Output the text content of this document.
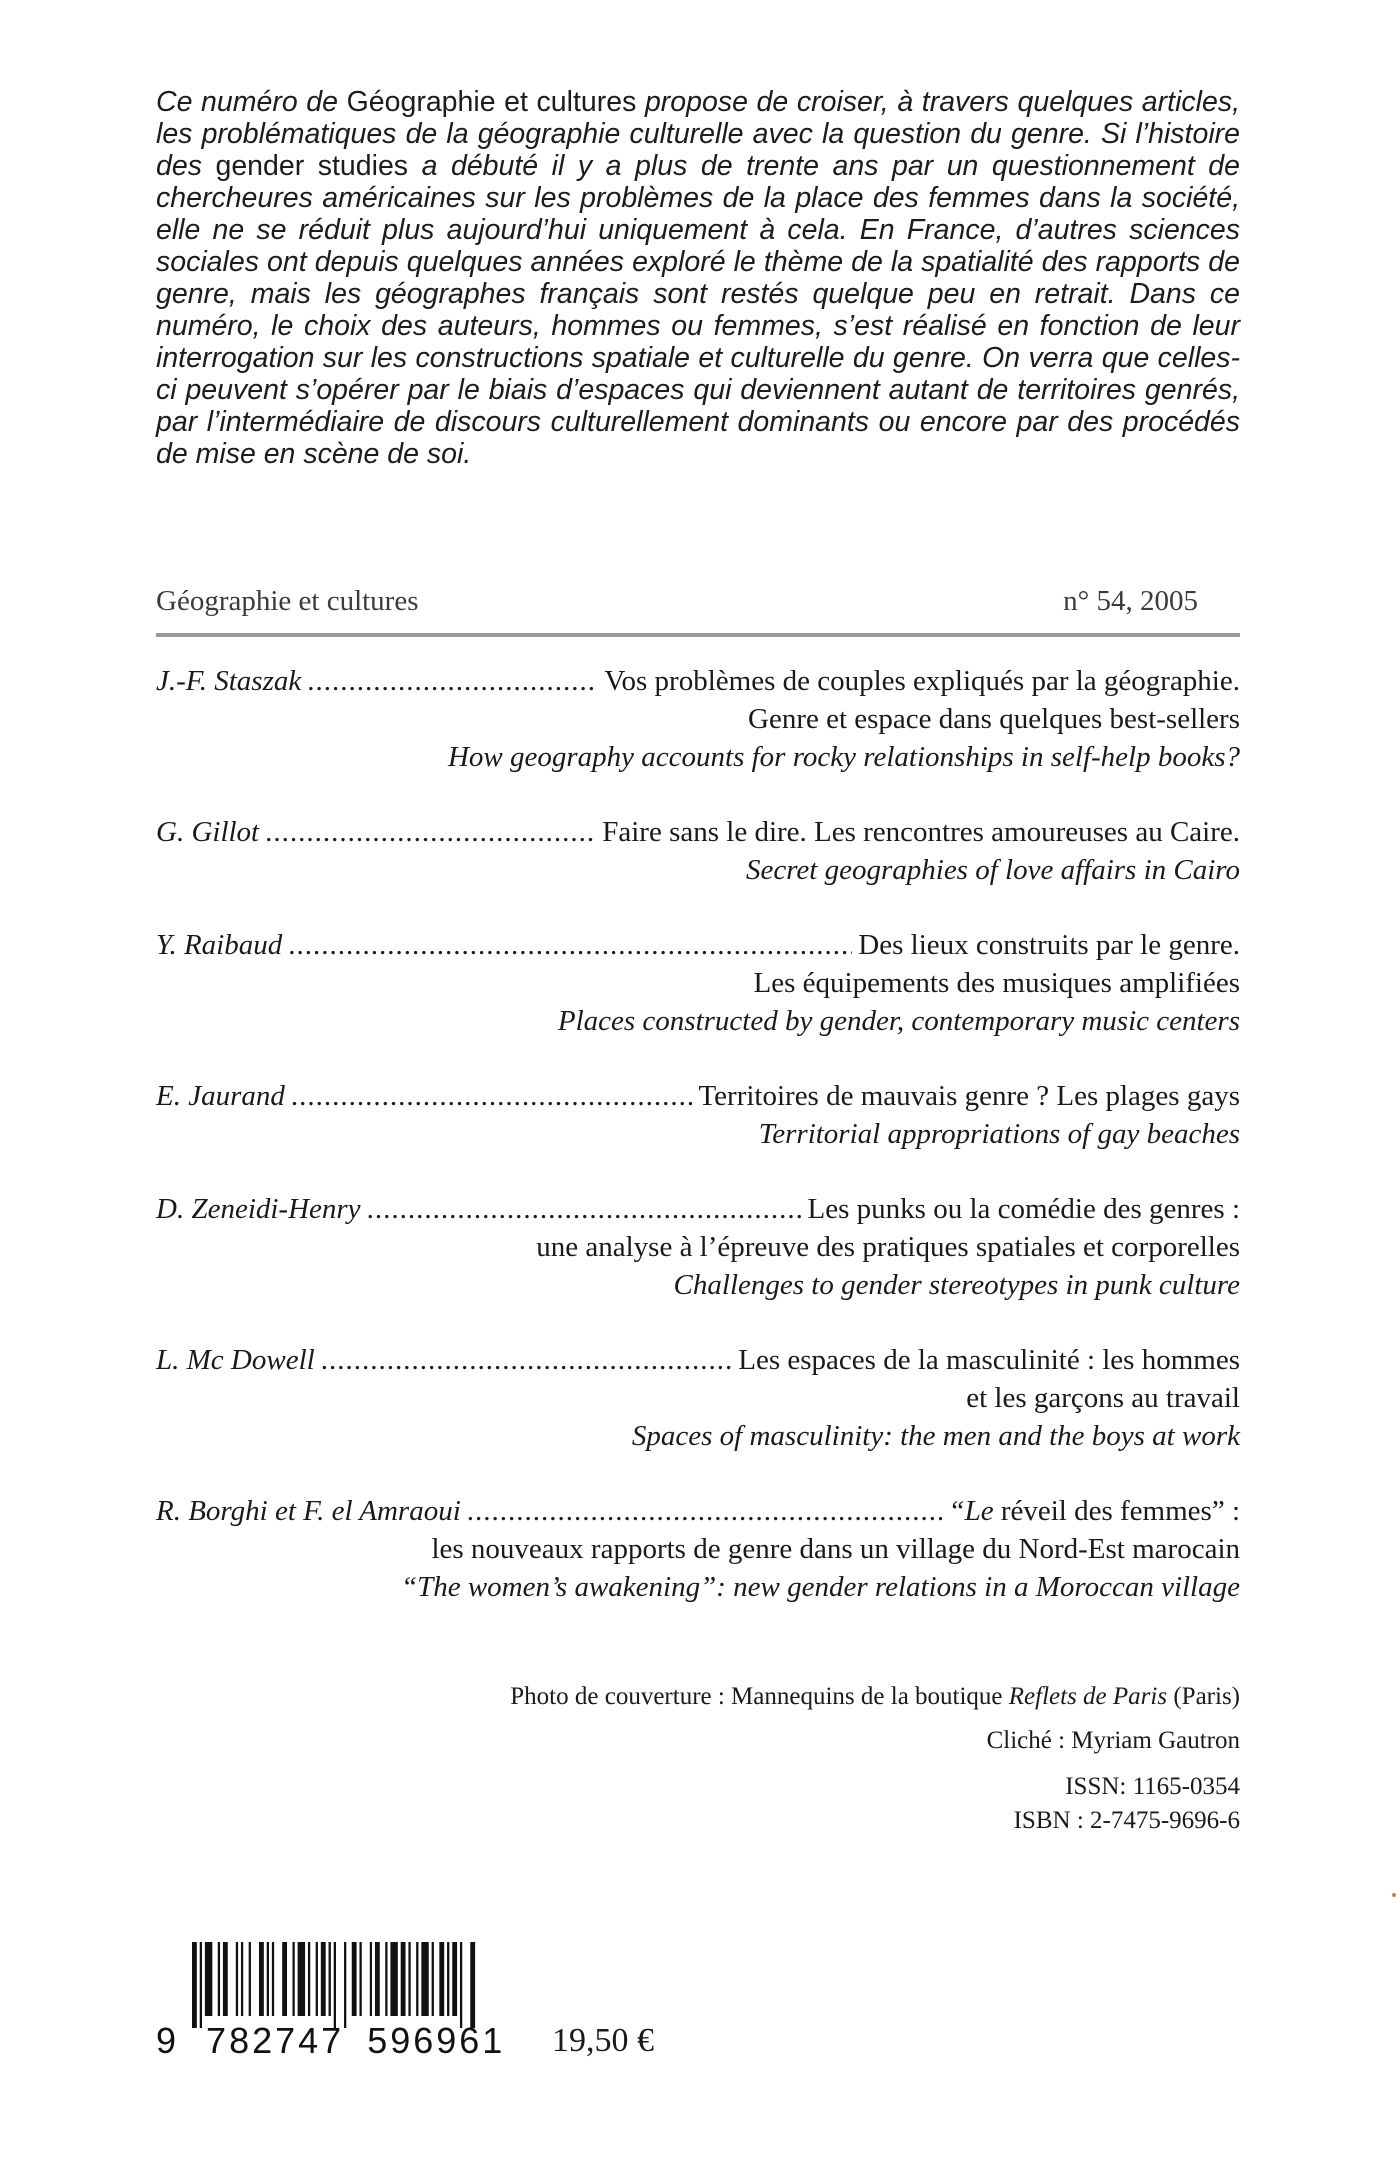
Ce numéro de Géographie et cultures propose de croiser, à travers quelques articles, les problématiques de la géographie culturelle avec la question du genre. Si l’histoire des gender studies a débuté il y a plus de trente ans par un questionnement de chercheures américaines sur les problèmes de la place des femmes dans la société, elle ne se réduit plus aujourd’hui uniquement à cela. En France, d’autres sciences sociales ont depuis quelques années exploré le thème de la spatialité des rapports de genre, mais les géographes français sont restés quelque peu en retrait. Dans ce numéro, le choix des auteurs, hommes ou femmes, s’est réalisé en fonction de leur interrogation sur les constructions spatiale et culturelle du genre. On verra que celles-ci peuvent s’opérer par le biais d’espaces qui deviennent autant de territoires genrés, par l’intermédiaire de discours culturellement dominants ou encore par des procédés de mise en scène de soi.
Géographie et cultures	n° 54, 2005
J.-F. Staszak .....	Vos problèmes de couples expliqués par la géographie.
Genre et espace dans quelques best-sellers
How geography accounts for rocky relationships in self-help books?
G. Gillot .....	Faire sans le dire. Les rencontres amoureuses au Caire.
Secret geographies of love affairs in Cairo
Y. Raibaud .....	Des lieux construits par le genre.
Les équipements des musiques amplifiées
Places constructed by gender, contemporary music centers
E. Jaurand .....	Territoires de mauvais genre ? Les plages gays
Territorial appropriations of gay beaches
D. Zeneidi-Henry .....	Les punks ou la comédie des genres :
une analyse à l’épreuve des pratiques spatiales et corporelles
Challenges to gender stereotypes in punk culture
L. Mc Dowell .....	Les espaces de la masculinité : les hommes
et les garçons au travail
Spaces of masculinity: the men and the boys at work
R. Borghi et F. el Amraoui .....	“Le réveil des femmes” :
les nouveaux rapports de genre dans un village du Nord-Est marocain
“The women’s awakening”: new gender relations in a Moroccan village
Photo de couverture : Mannequins de la boutique Reflets de Paris (Paris)
Cliché : Myriam Gautron
ISSN: 1165-0354
ISBN : 2-7475-9696-6
9 782747 596961 19,50 €
